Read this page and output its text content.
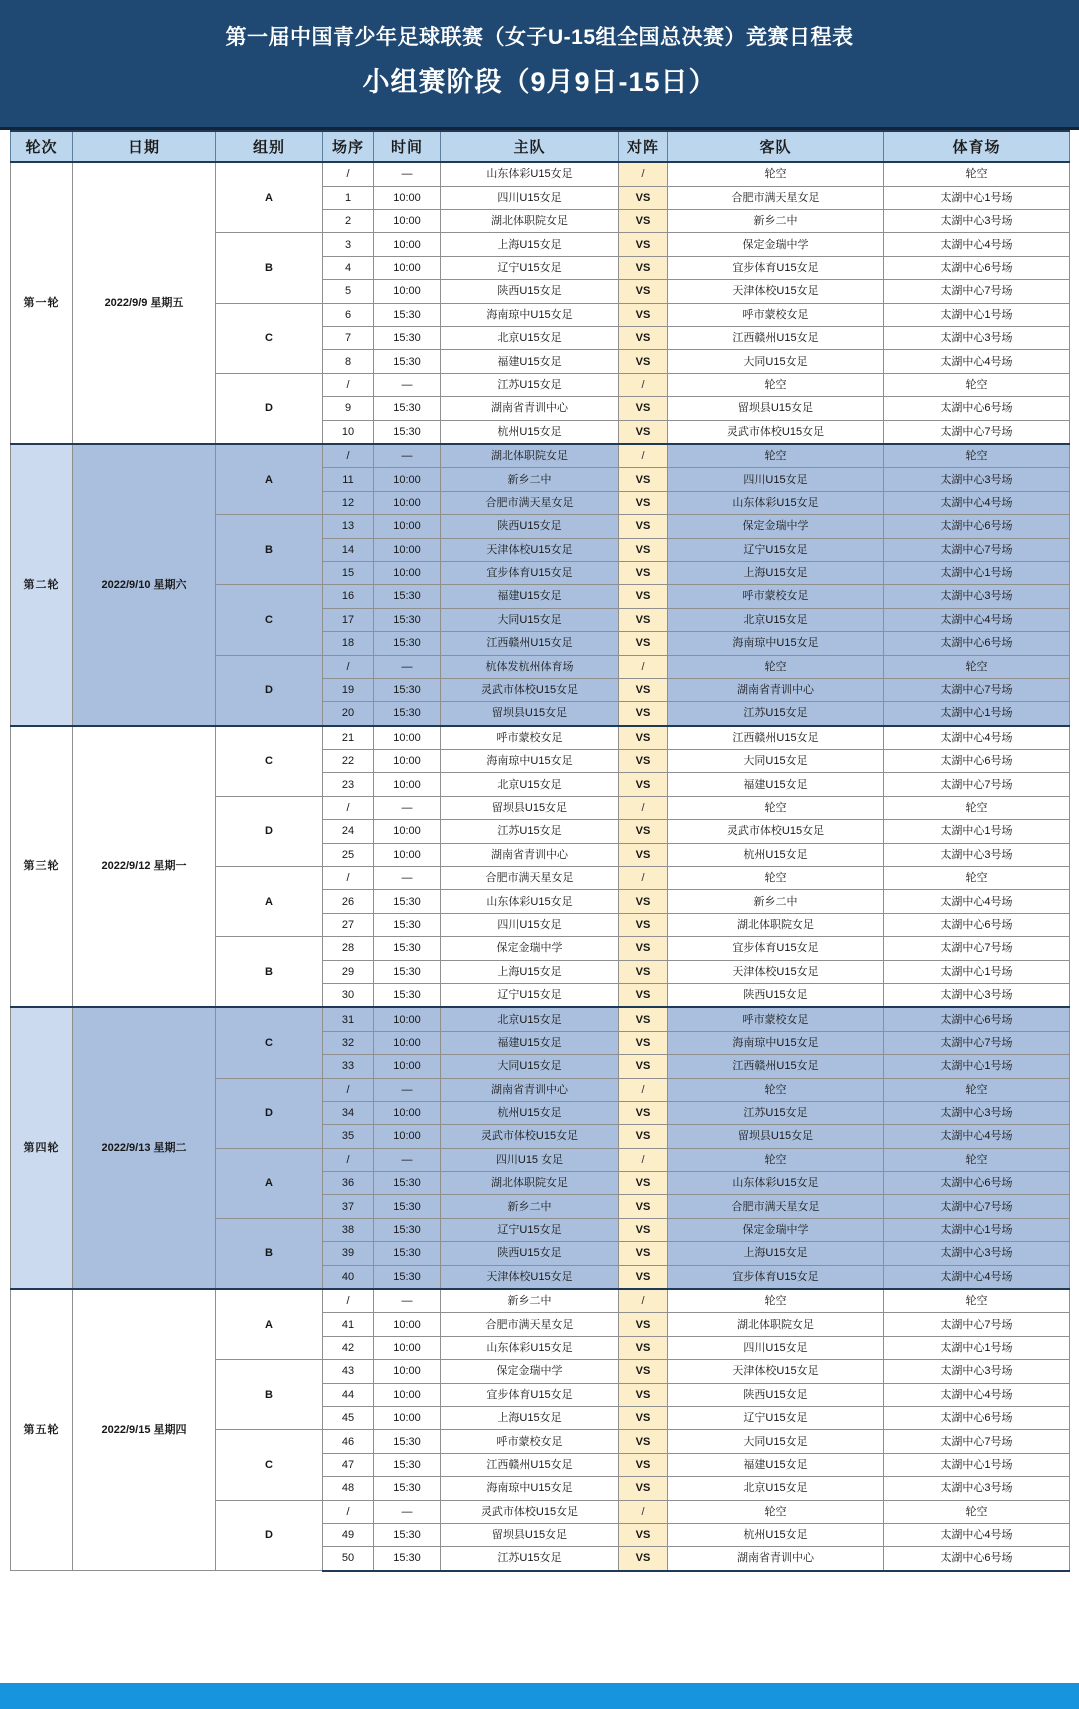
第一届中国青少年足球联赛（女子U-15组全国总决赛）竞赛日程表
小组赛阶段（9月9日-15日）
轮次	日期	组别	场序	时间	主队	对阵	客队	体育场
第一轮	2022/9/9 星期五	A	/	—	山东体彩U15女足	/	轮空	轮空
			1	10:00	四川U15女足	VS	合肥市满天星女足	太湖中心1号场
			2	10:00	湖北体职院女足	VS	新乡二中	太湖中心3号场
		B	3	10:00	上海U15女足	VS	保定金瑞中学	太湖中心4号场
			4	10:00	辽宁U15女足	VS	宜步体育U15女足	太湖中心6号场
			5	10:00	陕西U15女足	VS	天津体校U15女足	太湖中心7号场
		C	6	15:30	海南琼中U15女足	VS	呼市蒙校女足	太湖中心1号场
			7	15:30	北京U15女足	VS	江西赣州U15女足	太湖中心3号场
			8	15:30	福建U15女足	VS	大同U15女足	太湖中心4号场
		D	/	—	江苏U15女足	/	轮空	轮空
			9	15:30	湖南省青训中心	VS	留坝县U15女足	太湖中心6号场
			10	15:30	杭州U15女足	VS	灵武市体校U15女足	太湖中心7号场
第二轮	2022/9/10 星期六	A	/	—	湖北体职院女足	/	轮空	轮空
			11	10:00	新乡二中	VS	四川U15女足	太湖中心3号场
			12	10:00	合肥市满天星女足	VS	山东体彩U15女足	太湖中心4号场
		B	13	10:00	陕西U15女足	VS	保定金瑞中学	太湖中心6号场
			14	10:00	天津体校U15女足	VS	辽宁U15女足	太湖中心7号场
			15	10:00	宜步体育U15女足	VS	上海U15女足	太湖中心1号场
		C	16	15:30	福建U15女足	VS	呼市蒙校女足	太湖中心3号场
			17	15:30	大同U15女足	VS	北京U15女足	太湖中心4号场
			18	15:30	江西赣州U15女足	VS	海南琼中U15女足	太湖中心6号场
		D	/	—	杭体发杭州体育场	/	轮空	轮空
			19	15:30	灵武市体校U15女足	VS	湖南省青训中心	太湖中心7号场
			20	15:30	留坝县U15女足	VS	江苏U15女足	太湖中心1号场
第三轮	2022/9/12 星期一	C	21	10:00	呼市蒙校女足	VS	江西赣州U15女足	太湖中心4号场
			22	10:00	海南琼中U15女足	VS	大同U15女足	太湖中心6号场
			23	10:00	北京U15女足	VS	福建U15女足	太湖中心7号场
		D	/	—	留坝县U15女足	/	轮空	轮空
			24	10:00	江苏U15女足	VS	灵武市体校U15女足	太湖中心1号场
			25	10:00	湖南省青训中心	VS	杭州U15女足	太湖中心3号场
		A	/	—	合肥市满天星女足	/	轮空	轮空
			26	15:30	山东体彩U15女足	VS	新乡二中	太湖中心4号场
			27	15:30	四川U15女足	VS	湖北体职院女足	太湖中心6号场
		B	28	15:30	保定金瑞中学	VS	宜步体育U15女足	太湖中心7号场
			29	15:30	上海U15女足	VS	天津体校U15女足	太湖中心1号场
			30	15:30	辽宁U15女足	VS	陕西U15女足	太湖中心3号场
第四轮	2022/9/13 星期二	C	31	10:00	北京U15女足	VS	呼市蒙校女足	太湖中心6号场
			32	10:00	福建U15女足	VS	海南琼中U15女足	太湖中心7号场
			33	10:00	大同U15女足	VS	江西赣州U15女足	太湖中心1号场
		D	/	—	湖南省青训中心	/	轮空	轮空
			34	10:00	杭州U15女足	VS	江苏U15女足	太湖中心3号场
			35	10:00	灵武市体校U15女足	VS	留坝县U15女足	太湖中心4号场
		A	/	—	四川U15 女足	/	轮空	轮空
			36	15:30	湖北体职院女足	VS	山东体彩U15女足	太湖中心6号场
			37	15:30	新乡二中	VS	合肥市满天星女足	太湖中心7号场
		B	38	15:30	辽宁U15女足	VS	保定金瑞中学	太湖中心1号场
			39	15:30	陕西U15女足	VS	上海U15女足	太湖中心3号场
			40	15:30	天津体校U15女足	VS	宜步体育U15女足	太湖中心4号场
第五轮	2022/9/15 星期四	A	/	—	新乡二中	/	轮空	轮空
			41	10:00	合肥市满天星女足	VS	湖北体职院女足	太湖中心7号场
			42	10:00	山东体彩U15女足	VS	四川U15女足	太湖中心1号场
		B	43	10:00	保定金瑞中学	VS	天津体校U15女足	太湖中心3号场
			44	10:00	宜步体育U15女足	VS	陕西U15女足	太湖中心4号场
			45	10:00	上海U15女足	VS	辽宁U15女足	太湖中心6号场
		C	46	15:30	呼市蒙校女足	VS	大同U15女足	太湖中心7号场
			47	15:30	江西赣州U15女足	VS	福建U15女足	太湖中心1号场
			48	15:30	海南琼中U15女足	VS	北京U15女足	太湖中心3号场
		D	/	—	灵武市体校U15女足	/	轮空	轮空
			49	15:30	留坝县U15女足	VS	杭州U15女足	太湖中心4号场
			50	15:30	江苏U15女足	VS	湖南省青训中心	太湖中心6号场
